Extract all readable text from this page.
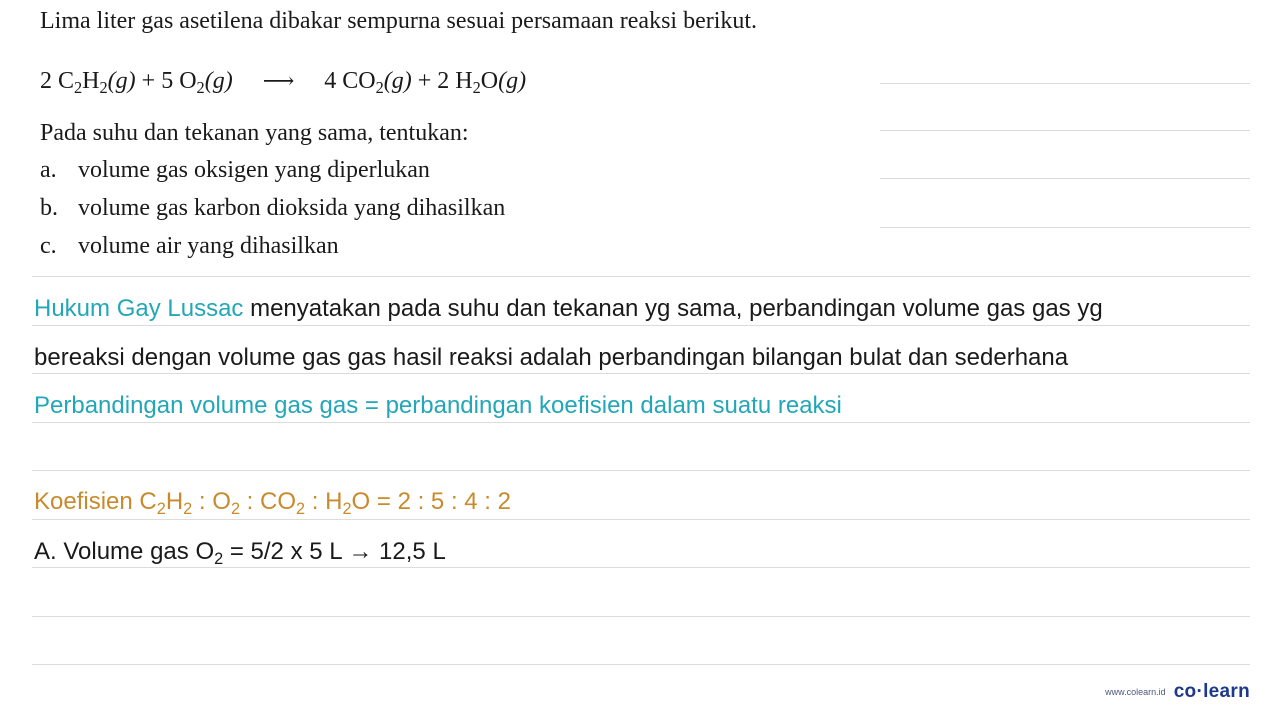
Lima liter gas asetilena dibakar sempurna sesuai persamaan reaksi berikut.
2 $C_2H_2(g) + 5$ $O_2(g)$ ⟶ 4 $CO_2(g) + 2$ $H_2O(g)$
Pada suhu dan tekanan yang sama, tentukan:
a. volume gas oksigen yang diperlukan
b. volume gas karbon dioksida yang dihasilkan
c. volume air yang dihasilkan
Hukum Gay Lussac menyatakan pada suhu dan tekanan yg sama, perbandingan volume gas gas yg
bereaksi dengan volume gas gas hasil reaksi adalah perbandingan bilangan bulat dan sederhana
Perbandingan volume gas gas = perbandingan koefisien dalam suatu reaksi
Koefisien $C_2H_2$ : $O_2$ : $CO_2$ : $H_2O = 2$ : 5 : 4 : 2
A. Volume gas $O_2 = 5/2$ x 5 L → 12,5 L
www.colearn.id co·learn
